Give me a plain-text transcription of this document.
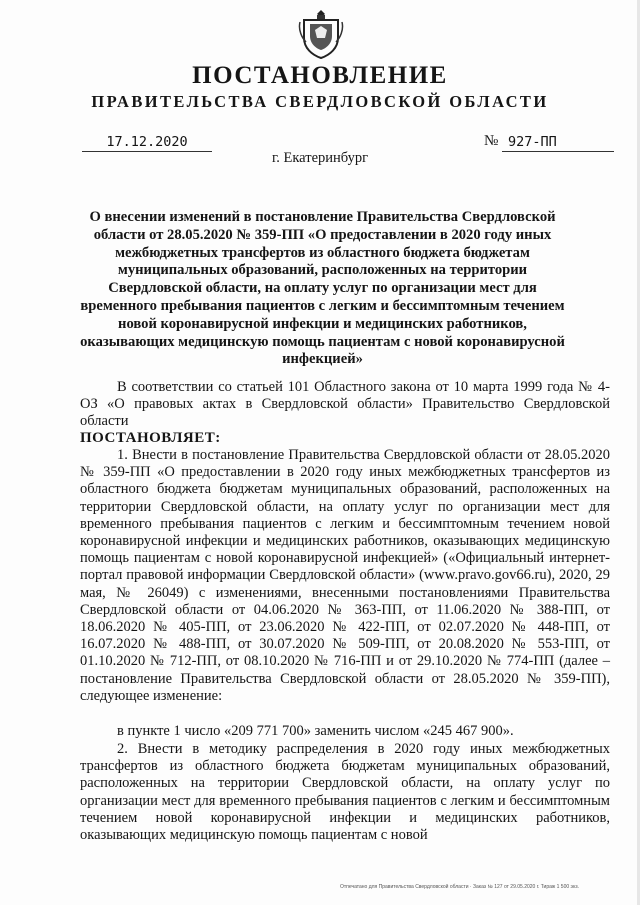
ПОСТАНОВЛЕНИЕ
ПРАВИТЕЛЬСТВА СВЕРДЛОВСКОЙ ОБЛАСТИ
17.12.2020	№ 927-ПП
г. Екатеринбург
О внесении изменений в постановление Правительства Свердловской области от 28.05.2020 № 359-ПП «О предоставлении в 2020 году иных межбюджетных трансфертов из областного бюджета бюджетам муниципальных образований, расположенных на территории Свердловской области, на оплату услуг по организации мест для временного пребывания пациентов с легким и бессимптомным течением новой коронавирусной инфекции и медицинских работников, оказывающих медицинскую помощь пациентам с новой коронавирусной инфекцией»

В соответствии со статьей 101 Областного закона от 10 марта 1999 года № 4-ОЗ «О правовых актах в Свердловской области» Правительство Свердловской области

ПОСТАНОВЛЯЕТ:

1. Внести в постановление Правительства Свердловской области от 28.05.2020 № 359-ПП «О предоставлении в 2020 году иных межбюджетных трансфертов из областного бюджета бюджетам муниципальных образований, расположенных на территории Свердловской области, на оплату услуг по организации мест для временного пребывания пациентов с легким и бессимптомным течением новой коронавирусной инфекции и медицинских работников, оказывающих медицинскую помощь пациентам с новой коронавирусной инфекцией» («Официальный интернет-портал правовой информации Свердловской области» (www.pravo.gov66.ru), 2020, 29 мая, № 26049) с изменениями, внесенными постановлениями Правительства Свердловской области от 04.06.2020 № 363-ПП, от 11.06.2020 № 388-ПП, от 18.06.2020 № 405-ПП, от 23.06.2020 № 422-ПП, от 02.07.2020 № 448-ПП, от 16.07.2020 № 488-ПП, от 30.07.2020 № 509-ПП, от 20.08.2020 № 553-ПП, от 01.10.2020 № 712-ПП, от 08.10.2020 № 716-ПП и от 29.10.2020 № 774-ПП (далее – постановление Правительства Свердловской области от 28.05.2020 № 359-ПП), следующее изменение:

в пункте 1 число «209 771 700» заменить числом «245 467 900».

2. Внести в методику распределения в 2020 году иных межбюджетных трансфертов из областного бюджета бюджетам муниципальных образований, расположенных на территории Свердловской области, на оплату услуг по организации мест для временного пребывания пациентов с легким и бессимптомным течением новой коронавирусной инфекции и медицинских работников, оказывающих медицинскую помощь пациентам с новой

Отпечатано для Правительства Свердловской области · Заказ № 127 от 29.05.2020 г. Тираж 1 500 экз.
